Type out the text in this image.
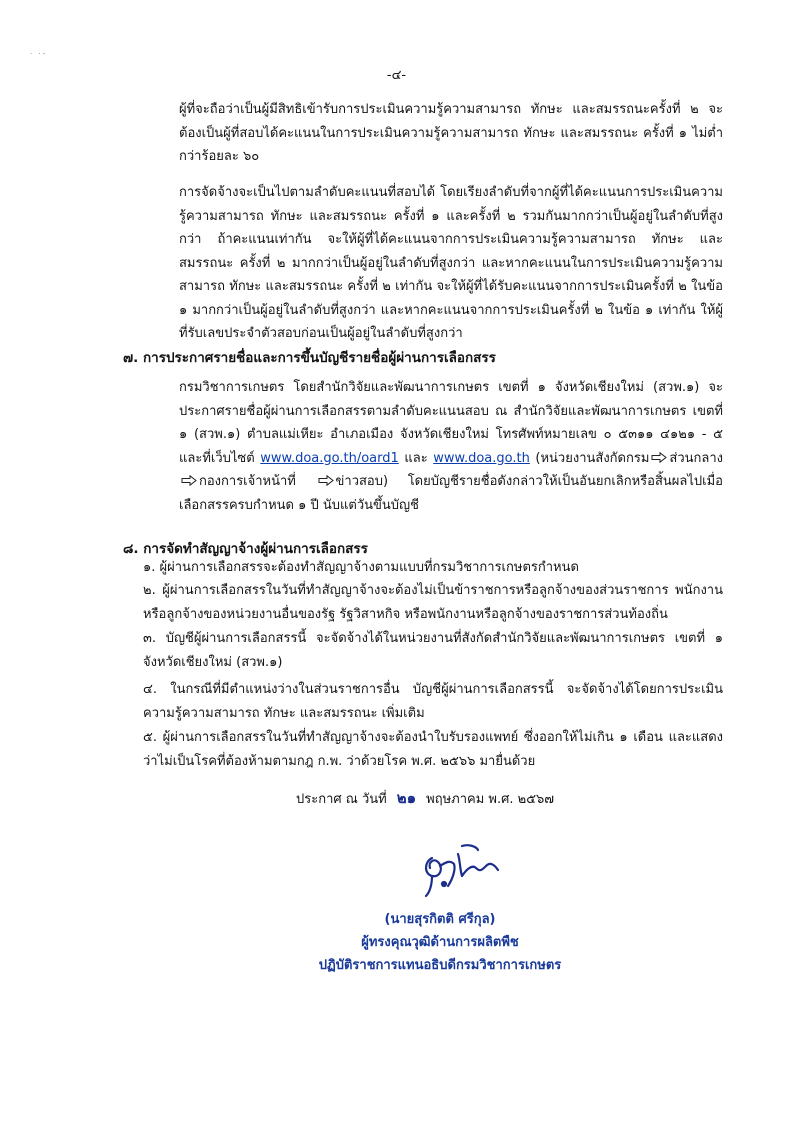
· ·‑
-๔-
ผู้ที่จะถือว่าเป็นผู้มีสิทธิเข้ารับการประเมินความรู้ความสามารถ ทักษะ และสมรรถนะครั้งที่ ๒ จะต้องเป็นผู้ที่สอบได้คะแนนในการประเมินความรู้ความสามารถ ทักษะ และสมรรถนะ ครั้งที่ ๑ ไม่ต่ำกว่าร้อยละ ๖๐
การจัดจ้างจะเป็นไปตามลำดับคะแนนที่สอบได้ โดยเรียงลำดับที่จากผู้ที่ได้คะแนนการประเมินความรู้ความสามารถ ทักษะ และสมรรถนะ ครั้งที่ ๑ และครั้งที่ ๒ รวมกันมากกว่าเป็นผู้อยู่ในลำดับที่สูงกว่า ถ้าคะแนนเท่ากัน จะให้ผู้ที่ได้คะแนนจากการประเมินความรู้ความสามารถ ทักษะ และสมรรถนะ ครั้งที่ ๒ มากกว่าเป็นผู้อยู่ในลำดับที่สูงกว่า และหากคะแนนในการประเมินความรู้ความสามารถ ทักษะ และสมรรถนะ ครั้งที่ ๒ เท่ากัน จะให้ผู้ที่ได้รับคะแนนจากการประเมินครั้งที่ ๒ ในข้อ ๑ มากกว่าเป็นผู้อยู่ในลำดับที่สูงกว่า และหากคะแนนจากการประเมินครั้งที่ ๒ ในข้อ ๑ เท่ากัน ให้ผู้ที่รับเลขประจำตัวสอบก่อนเป็นผู้อยู่ในลำดับที่สูงกว่า
๗. การประกาศรายชื่อและการขึ้นบัญชีรายชื่อผู้ผ่านการเลือกสรร
กรมวิชาการเกษตร โดยสำนักวิจัยและพัฒนาการเกษตร เขตที่ ๑ จังหวัดเชียงใหม่ (สวพ.๑) จะประกาศรายชื่อผู้ผ่านการเลือกสรรตามลำดับคะแนนสอบ ณ สำนักวิจัยและพัฒนาการเกษตร เขตที่ ๑ (สวพ.๑) ตำบลแม่เหียะ อำเภอเมือง จังหวัดเชียงใหม่ โทรศัพท์หมายเลข ๐ ๕๓๑๑ ๔๑๒๑ - ๕ และที่เว็บไซต์ www.doa.go.th/oard1 และ www.doa.go.th (หน่วยงานสังกัดกรม ส่วนกลางกองการเจ้าหน้าที่	ข่าวสอบ) โดยบัญชีรายชื่อดังกล่าวให้เป็นอันยกเลิกหรือสิ้นผลไปเมื่อเลือกสรรครบกำหนด ๑ ปี นับแต่วันขึ้นบัญชี
๘. การจัดทำสัญญาจ้างผู้ผ่านการเลือกสรร
๑. ผู้ผ่านการเลือกสรรจะต้องทำสัญญาจ้างตามแบบที่กรมวิชาการเกษตรกำหนด
๒. ผู้ผ่านการเลือกสรรในวันที่ทำสัญญาจ้างจะต้องไม่เป็นข้าราชการหรือลูกจ้างของส่วนราชการ พนักงานหรือลูกจ้างของหน่วยงานอื่นของรัฐ รัฐวิสาหกิจ หรือพนักงานหรือลูกจ้างของราชการส่วนท้องถิ่น
๓. บัญชีผู้ผ่านการเลือกสรรนี้ จะจัดจ้างได้ในหน่วยงานที่สังกัดสำนักวิจัยและพัฒนาการเกษตร เขตที่ ๑ จังหวัดเชียงใหม่ (สวพ.๑)
๔. ในกรณีที่มีตำแหน่งว่างในส่วนราชการอื่น บัญชีผู้ผ่านการเลือกสรรนี้ จะจัดจ้างได้โดยการประเมินความรู้ความสามารถ ทักษะ และสมรรถนะ เพิ่มเติม
๕. ผู้ผ่านการเลือกสรรในวันที่ทำสัญญาจ้างจะต้องนำใบรับรองแพทย์ ซึ่งออกให้ไม่เกิน ๑ เดือน และแสดงว่าไม่เป็นโรคที่ต้องห้ามตามกฎ ก.พ. ว่าด้วยโรค พ.ศ. ๒๕๖๖ มายื่นด้วย
ประกาศ ณ วันที่ ๒๑ พฤษภาคม พ.ศ. ๒๕๖๗
(นายสุรกิตติ ศรีกุล)
ผู้ทรงคุณวุฒิด้านการผลิตพืช
ปฏิบัติราชการแทนอธิบดีกรมวิชาการเกษตร
